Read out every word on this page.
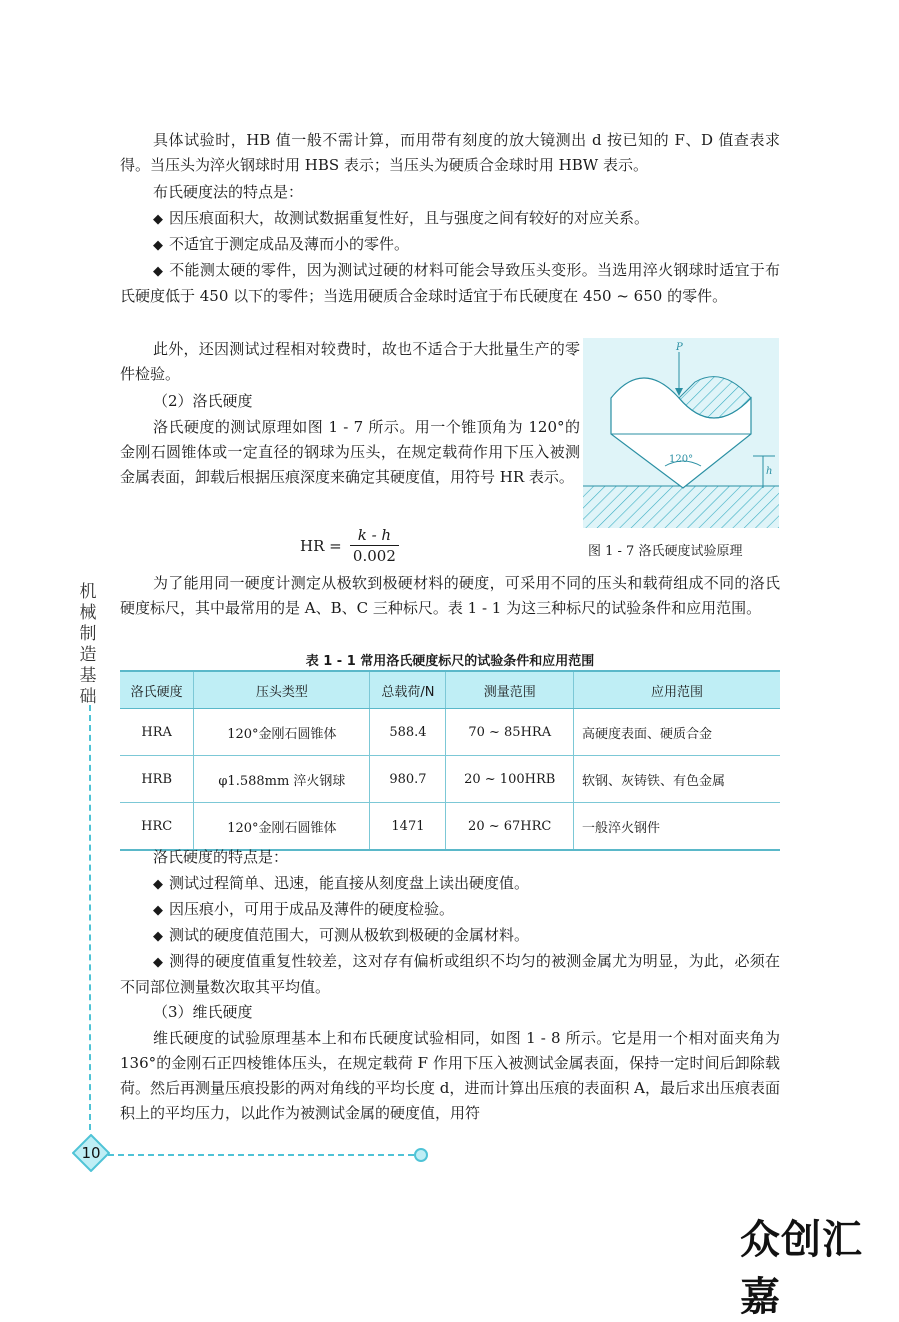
具体试验时，HB 值一般不需计算，而用带有刻度的放大镜测出 d 按已知的 F、D 值查表求得。当压头为淬火钢球时用 HBS 表示；当压头为硬质合金球时用 HBW 表示。

布氏硬度法的特点是：

◆ 因压痕面积大，故测试数据重复性好，且与强度之间有较好的对应关系。

◆ 不适宜于测定成品及薄而小的零件。

◆ 不能测太硬的零件，因为测试过硬的材料可能会导致压头变形。当选用淬火钢球时适宜于布氏硬度低于 450 以下的零件；当选用硬质合金球时适宜于布氏硬度在 450 ~ 650 的零件。

此外，还因测试过程相对较费时，故也不适合于大批量生产的零件检验。

（2）洛氏硬度

洛氏硬度的测试原理如图 1 - 7 所示。用一个锥顶角为 120°的金刚石圆锥体或一定直径的钢球为压头，在规定载荷作用下压入被测金属表面，卸载后根据压痕深度来确定其硬度值，用符号 HR 表示。

HR = $\frac{k - h}{0.002}$
P
120°
h
图 1 - 7 洛氏硬度试验原理

为了能用同一硬度计测定从极软到极硬材料的硬度，可采用不同的压头和载荷组成不同的洛氏硬度标尺，其中最常用的是 A、B、C 三种标尺。表 1 - 1 为这三种标尺的试验条件和应用范围。

表 1 - 1 常用洛氏硬度标尺的试验条件和应用范围
洛氏硬度	压头类型	总载荷/N	测量范围	应用范围
HRA	120°金刚石圆锥体	588.4	70 ~ 85HRA	高硬度表面、硬质合金
HRB	φ1.588mm 淬火钢球	980.7	20 ~ 100HRB	软钢、灰铸铁、有色金属
HRC	120°金刚石圆锥体	1471	20 ~ 67HRC	一般淬火钢件

洛氏硬度的特点是：

◆ 测试过程简单、迅速，能直接从刻度盘上读出硬度值。

◆ 因压痕小，可用于成品及薄件的硬度检验。

◆ 测试的硬度值范围大，可测从极软到极硬的金属材料。

◆ 测得的硬度值重复性较差，这对存有偏析或组织不均匀的被测金属尤为明显，为此，必须在不同部位测量数次取其平均值。

（3）维氏硬度

维氏硬度的试验原理基本上和布氏硬度试验相同，如图 1 - 8 所示。它是用一个相对面夹角为 136°的金刚石正四棱锥体压头，在规定载荷 F 作用下压入被测试金属表面，保持一定时间后卸除载荷。然后再测量压痕投影的两对角线的平均长度 d，进而计算出压痕的表面积 A，最后求出压痕表面积上的平均压力，以此作为被测试金属的硬度值，用符

机械制造基础
10
众创汇嘉
